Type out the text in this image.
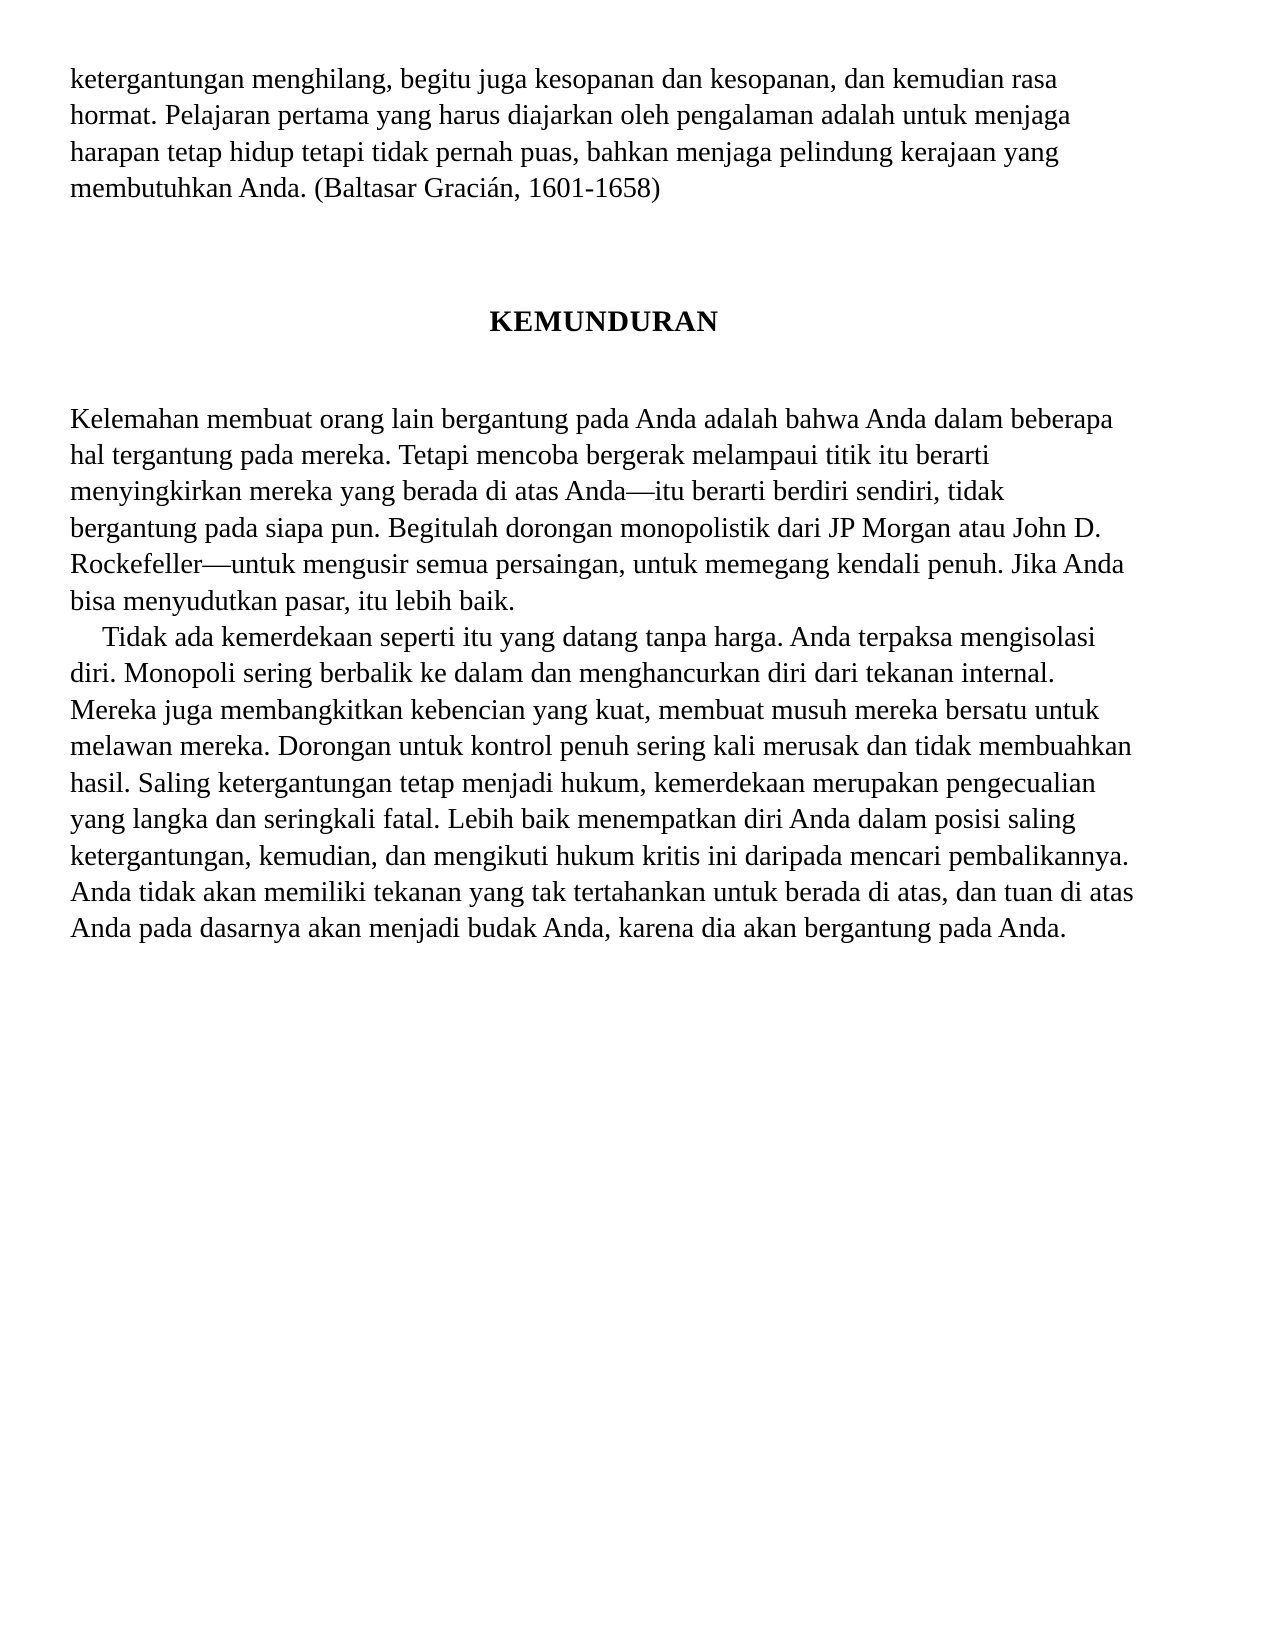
ketergantungan menghilang, begitu juga kesopanan dan kesopanan, dan kemudian rasa hormat. Pelajaran pertama yang harus diajarkan oleh pengalaman adalah untuk menjaga harapan tetap hidup tetapi tidak pernah puas, bahkan menjaga pelindung kerajaan yang membutuhkan Anda. (Baltasar Gracián, 1601-1658)

KEMUNDURAN

Kelemahan membuat orang lain bergantung pada Anda adalah bahwa Anda dalam beberapa hal tergantung pada mereka. Tetapi mencoba bergerak melampaui titik itu berarti menyingkirkan mereka yang berada di atas Anda—itu berarti berdiri sendiri, tidak bergantung pada siapa pun. Begitulah dorongan monopolistik dari JP Morgan atau John D. Rockefeller—untuk mengusir semua persaingan, untuk memegang kendali penuh. Jika Anda bisa menyudutkan pasar, itu lebih baik.

Tidak ada kemerdekaan seperti itu yang datang tanpa harga. Anda terpaksa mengisolasi diri. Monopoli sering berbalik ke dalam dan menghancurkan diri dari tekanan internal. Mereka juga membangkitkan kebencian yang kuat, membuat musuh mereka bersatu untuk melawan mereka. Dorongan untuk kontrol penuh sering kali merusak dan tidak membuahkan hasil. Saling ketergantungan tetap menjadi hukum, kemerdekaan merupakan pengecualian yang langka dan seringkali fatal. Lebih baik menempatkan diri Anda dalam posisi saling ketergantungan, kemudian, dan mengikuti hukum kritis ini daripada mencari pembalikannya. Anda tidak akan memiliki tekanan yang tak tertahankan untuk berada di atas, dan tuan di atas Anda pada dasarnya akan menjadi budak Anda, karena dia akan bergantung pada Anda.
